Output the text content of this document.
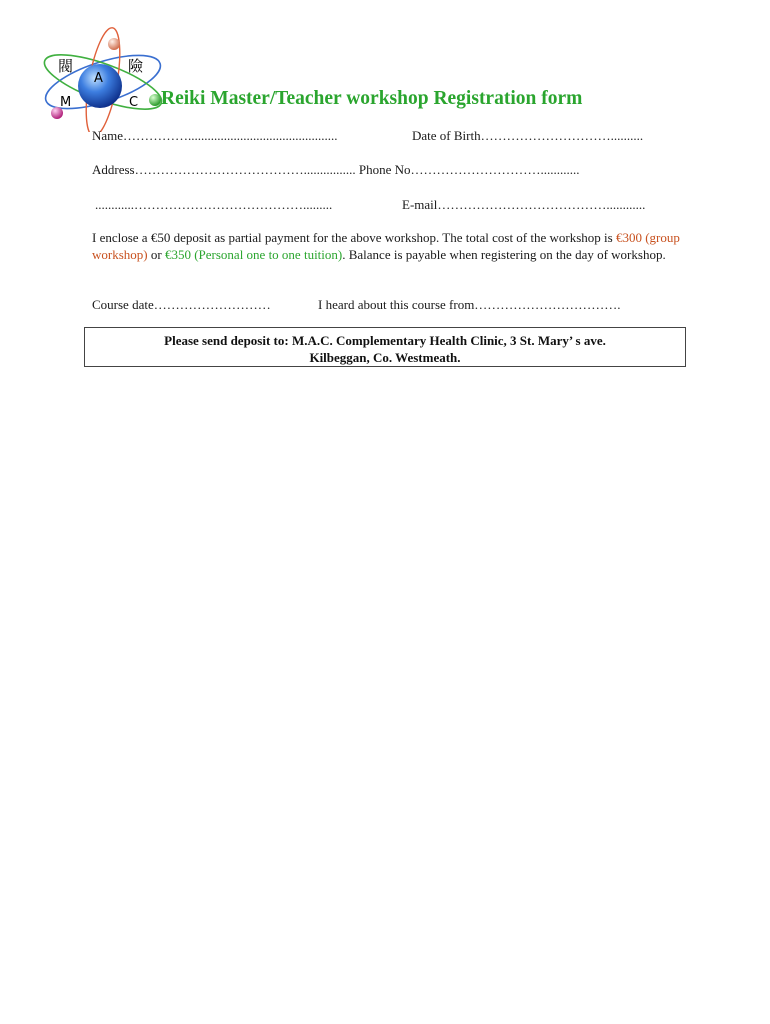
A
M	C
閥	險
Reiki Master/Teacher workshop Registration form
Name……………..............................................	Date of Birth…………………………..........
Address…………………………………................ Phone No…………………………............
............………………………………….........	E-mail…………………………………............
I enclose a €50 deposit as partial payment for the above workshop. The total cost of the workshop is €300 (group workshop) or €350 (Personal one to one tuition). Balance is payable when registering on the day of workshop.
Course date………………………	I heard about this course from…………………………….
Please send deposit to: M.A.C. Complementary Health Clinic, 3 St. Mary’ s ave.
Kilbeggan, Co. Westmeath.
